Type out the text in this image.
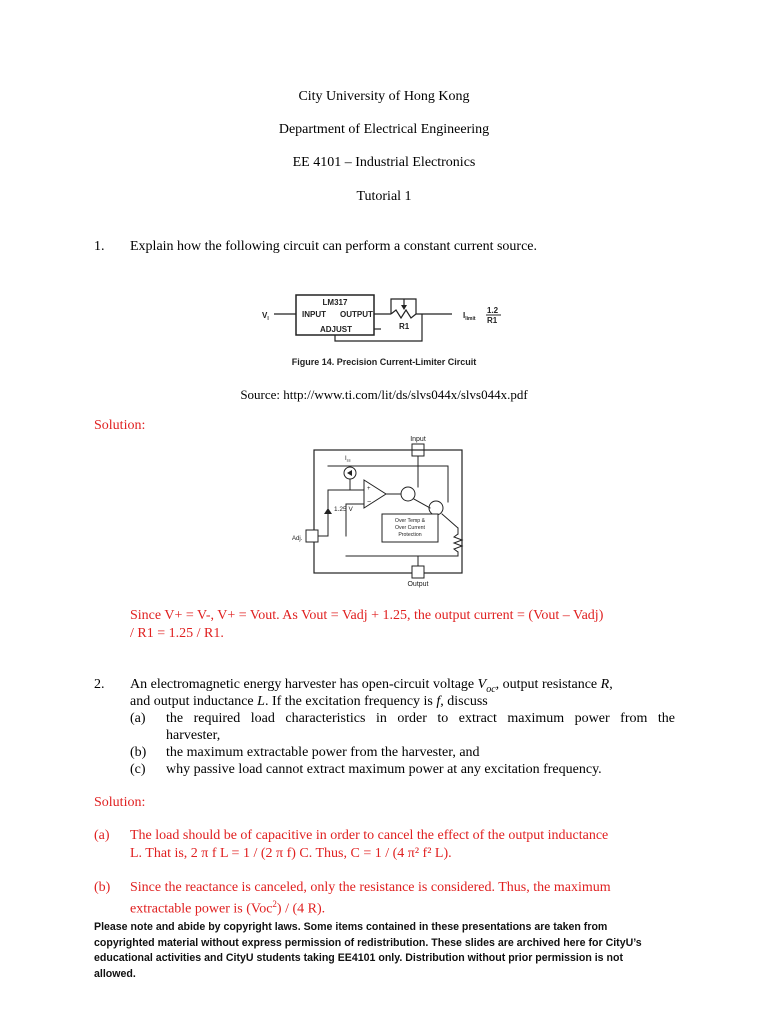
City University of Hong Kong
Department of Electrical Engineering
EE 4101 – Industrial Electronics
Tutorial 1
1. Explain how the following circuit can perform a constant current source.
LM317
INPUT OUTPUT
ADJUST
$V_I$
R1
$I_{limit}$
1.2
R1
Figure 14. Precision Current-Limiter Circuit
Source: http://www.ti.com/lit/ds/slvs044x/slvs044x.pdf
Solution:
Input
$I_{ss}$
+
−
1.25 V
Adj.
Over Temp &
Over Current
Protection
Output
Since V+ = V-, V+ = Vout. As Vout = Vadj + 1.25, the output current = (Vout – Vadj)
/ R1 = 1.25 / R1.
2. An electromagnetic energy harvester has open-circuit voltage $V_{oc}$, output resistance R,
and output inductance L. If the excitation frequency is f, discuss
(a) the required load characteristics in order to extract maximum power from the
harvester,
(b) the maximum extractable power from the harvester, and
(c) why passive load cannot extract maximum power at any excitation frequency.
Solution:
(a) The load should be of capacitive in order to cancel the effect of the output inductance
L. That is, 2 π f L = 1 / (2 π f) C. Thus, C = 1 / (4 π² f² L).
(b) Since the reactance is canceled, only the resistance is considered. Thus, the maximum
extractable power is (Voc$^2$) / (4 R).
Please note and abide by copyright laws. Some items contained in these presentations are taken from copyrighted material without express permission of redistribution. These slides are archived here for CityU’s educational activities and CityU students taking EE4101 only. Distribution without prior permission is not allowed.
